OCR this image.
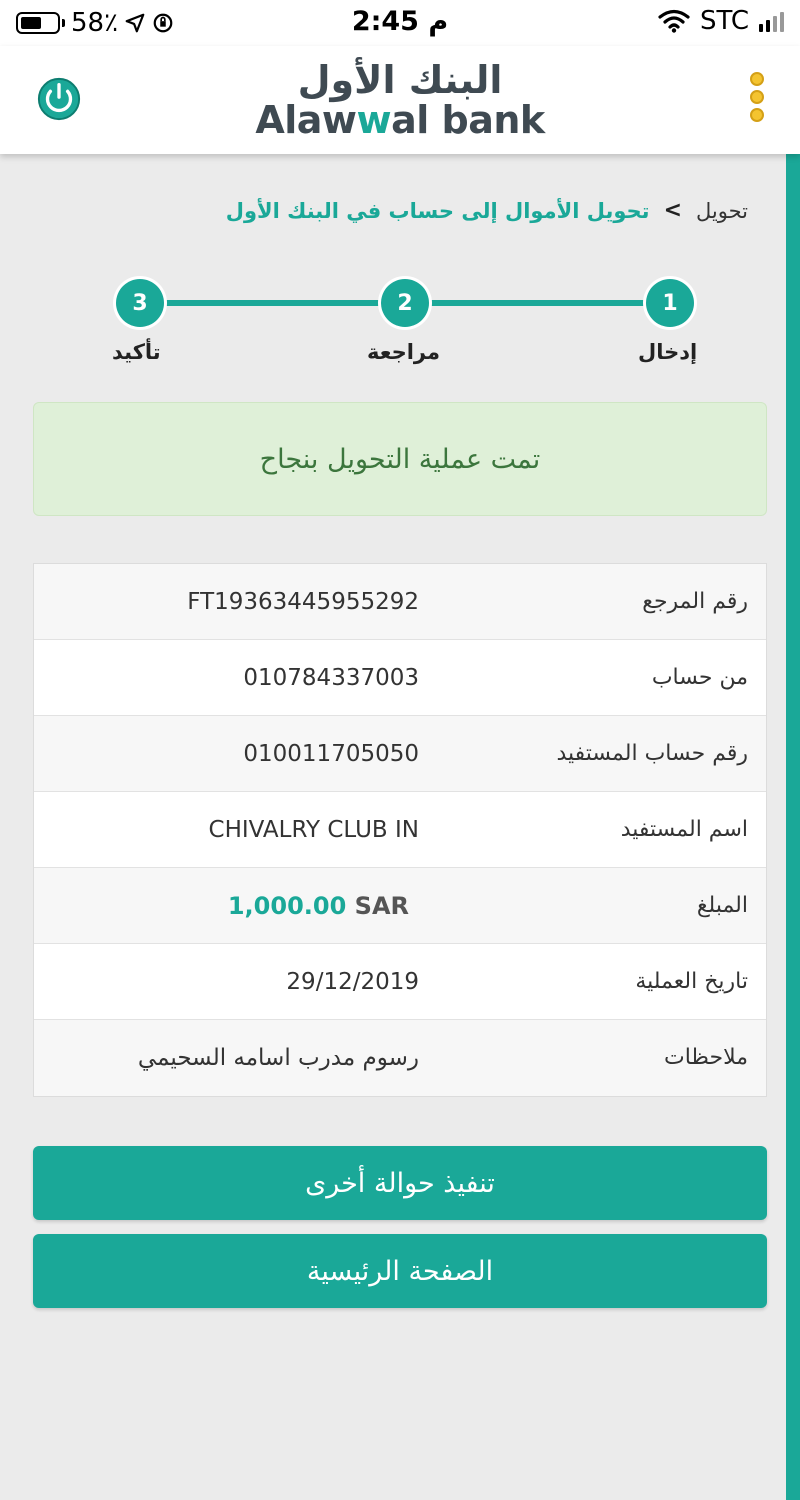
58٪	2:45 م	STC
البنك الأول
Alawwal bank
تحويل
>
تحويل الأموال إلى حساب في البنك الأول
1
2
3
إدخال
مراجعة
تأكيد
تمت عملية التحويل بنجاح
رقم المرجع
FT19363445955292
من حساب
010784337003
رقم حساب المستفيد
010011705050
اسم المستفيد
CHIVALRY CLUB IN
المبلغ
1,000.00 SAR
تاريخ العملية
29/12/2019
ملاحظات
رسوم مدرب اسامه السحيمي
تنفيذ حوالة أخرى
الصفحة الرئيسية
